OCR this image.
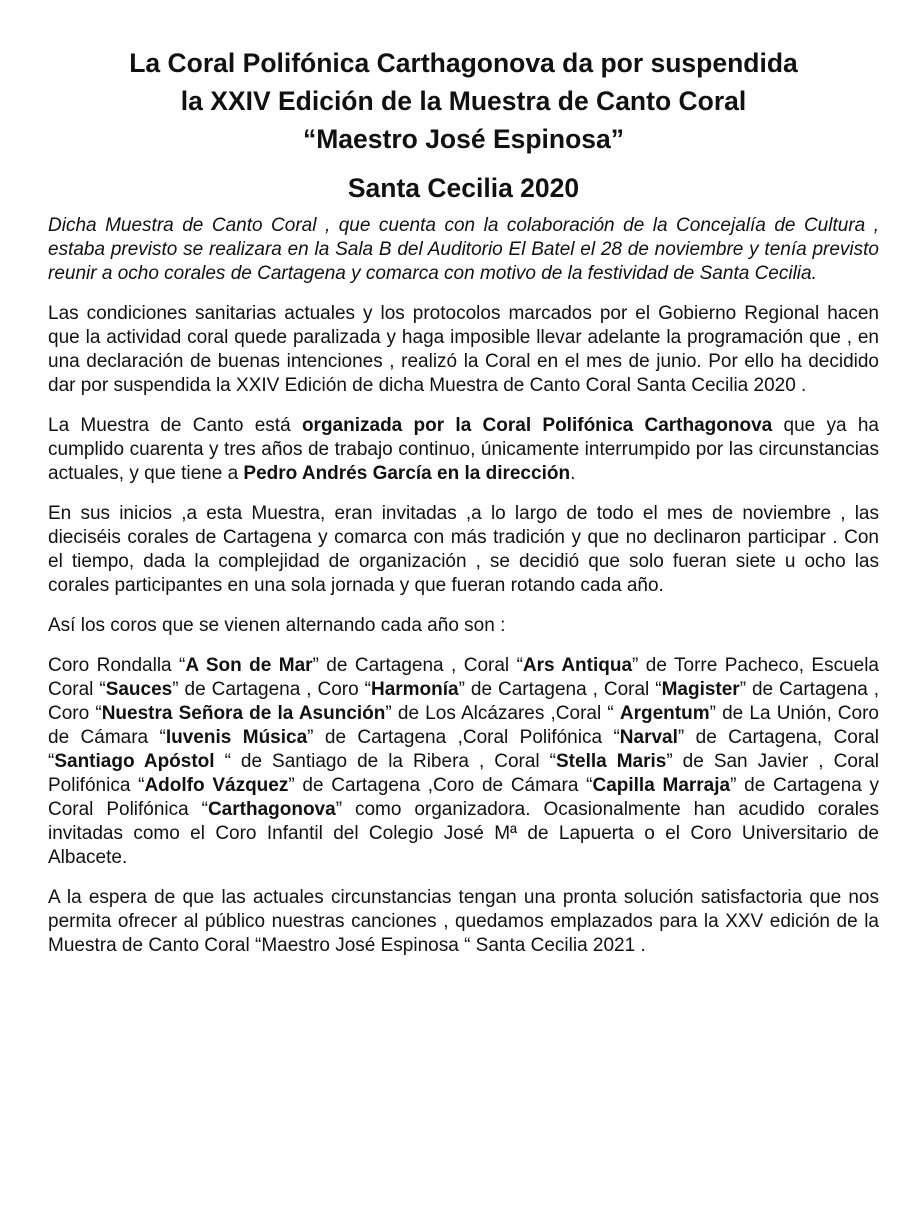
La Coral Polifónica Carthagonova da por suspendida
la XXIV Edición de la Muestra de Canto Coral
“Maestro José Espinosa”
Santa Cecilia 2020

Dicha Muestra de Canto Coral , que cuenta con la colaboración de la Concejalía de Cultura , estaba previsto se realizara en la Sala B del Auditorio El Batel el 28 de noviembre y tenía previsto reunir a ocho corales de Cartagena y comarca con motivo de la festividad de Santa Cecilia.

Las condiciones sanitarias actuales y los protocolos marcados por el Gobierno Regional hacen que la actividad coral quede paralizada y haga imposible llevar adelante la programación que , en una declaración de buenas intenciones , realizó la Coral en el mes de junio. Por ello ha decidido dar por suspendida la XXIV Edición de dicha Muestra de Canto Coral Santa Cecilia 2020 .

La Muestra de Canto está organizada por la Coral Polifónica Carthagonova que ya ha cumplido cuarenta y tres años de trabajo continuo, únicamente interrumpido por las circunstancias actuales, y que tiene a Pedro Andrés García en la dirección.

En sus inicios ,a esta Muestra, eran invitadas ,a lo largo de todo el mes de noviembre , las dieciséis corales de Cartagena y comarca con más tradición y que no declinaron participar . Con el tiempo, dada la complejidad de organización , se decidió que solo fueran siete u ocho las corales participantes en una sola jornada y que fueran rotando cada año.

Así los coros que se vienen alternando cada año son :

Coro Rondalla “A Son de Mar” de Cartagena , Coral “Ars Antiqua” de Torre Pacheco, Escuela Coral “Sauces” de Cartagena , Coro “Harmonía” de Cartagena , Coral “Magister” de Cartagena , Coro “Nuestra Señora de la Asunción” de Los Alcázares ,Coral “ Argentum” de La Unión, Coro de Cámara “Iuvenis Música” de Cartagena ,Coral Polifónica “Narval” de Cartagena, Coral “Santiago Apóstol “ de Santiago de la Ribera , Coral “Stella Maris” de San Javier , Coral Polifónica “Adolfo Vázquez” de Cartagena ,Coro de Cámara “Capilla Marraja” de Cartagena y Coral Polifónica “Carthagonova” como organizadora. Ocasionalmente han acudido corales invitadas como el Coro Infantil del Colegio José Mª de Lapuerta o el Coro Universitario de Albacete.

A la espera de que las actuales circunstancias tengan una pronta solución satisfactoria que nos permita ofrecer al público nuestras canciones , quedamos emplazados para la XXV edición de la Muestra de Canto Coral “Maestro José Espinosa “ Santa Cecilia 2021 .
